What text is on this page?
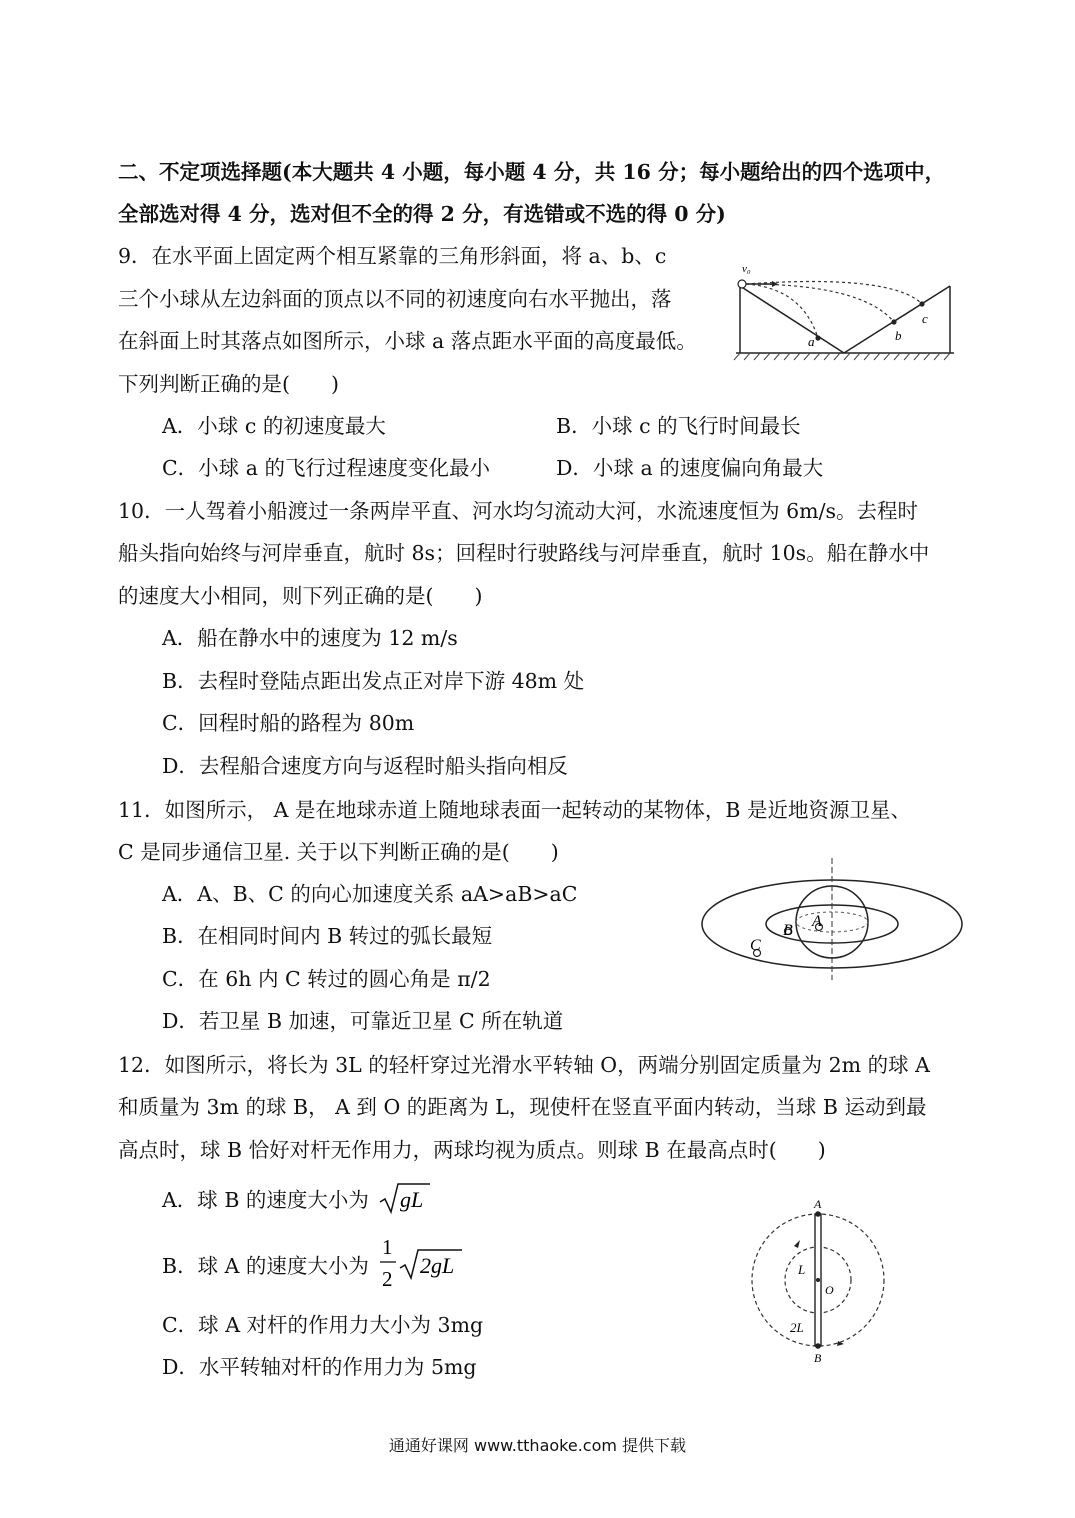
二、不定项选择题(本大题共 4 小题，每小题 4 分，共 16 分；每小题给出的四个选项中，
全部选对得 4 分，选对但不全的得 2 分，有选错或不选的得 0 分)
9．在水平面上固定两个相互紧靠的三角形斜面，将 a、b、c
三个小球从左边斜面的顶点以不同的初速度向右水平抛出，落
在斜面上时其落点如图所示，小球 a 落点距水平面的高度最低。
下列判断正确的是(　　)
A．小球 c 的初速度最大	B．小球 c 的飞行时间最长
C．小球 a 的飞行过程速度变化最小	D．小球 a 的速度偏向角最大
v₀
a	b
c
10．一人驾着小船渡过一条两岸平直、河水均匀流动大河，水流速度恒为 6m/s。去程时
船头指向始终与河岸垂直，航时 8s；回程时行驶路线与河岸垂直，航时 10s。船在静水中
的速度大小相同，则下列正确的是(　　)
A．船在静水中的速度为 12 m/s
B．去程时登陆点距出发点正对岸下游 48m 处
C．回程时船的路程为 80m
D．去程船合速度方向与返程时船头指向相反
11．如图所示， A 是在地球赤道上随地球表面一起转动的某物体，B 是近地资源卫星、
C 是同步通信卫星. 关于以下判断正确的是(　　)
A．A、B、C 的向心加速度关系 aA>aB>aC
B．在相同时间内 B 转过的弧长最短
C．在 6h 内 C 转过的圆心角是 π/2
D．若卫星 B 加速，可靠近卫星 C 所在轨道
A
B
C
12．如图所示，将长为 3L 的轻杆穿过光滑水平转轴 O，两端分别固定质量为 2m 的球 A
和质量为 3m 的球 B， A 到 O 的距离为 L，现使杆在竖直平面内转动，当球 B 运动到最
高点时，球 B 恰好对杆无作用力，两球均视为质点。则球 B 在最高点时(　　)
A．球 B 的速度大小为 gL
B．球 A 的速度大小为
1
2
2gL
C．球 A 对杆的作用力大小为 3mg
D．水平转轴对杆的作用力为 5mg
A
L
O
2L
B
通通好课网 www.tthaoke.com 提供下载
